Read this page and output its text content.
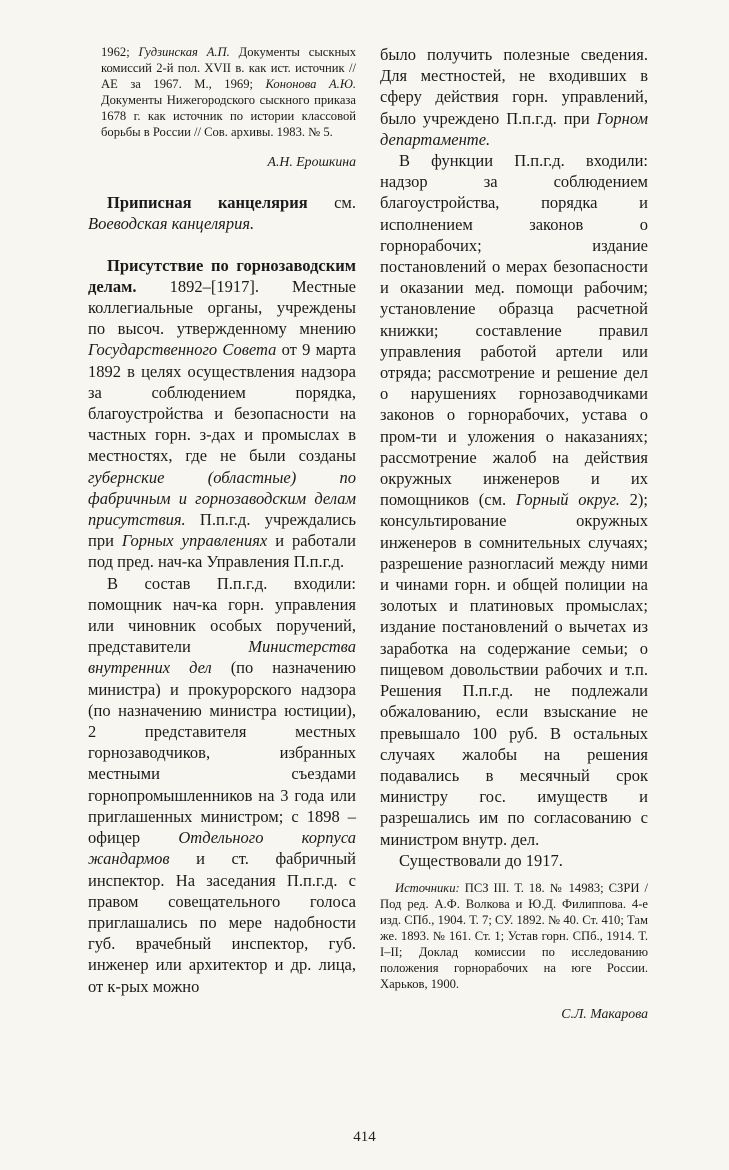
1962; Гудзинская А.П. Документы сыскных комиссий 2-й пол. XVII в. как ист. источник // АЕ за 1967. М., 1969; Кононова А.Ю. Документы Нижегородского сыскного приказа 1678 г. как источник по истории классовой борьбы в России // Сов. архивы. 1983. № 5.

А.Н. Ерошкина

Приписная канцелярия см. Воеводская канцелярия.

Присутствие по горнозаводским делам. 1892–[1917]. Местные коллегиальные органы, учреждены по высоч. утвержденному мнению Государственного Совета от 9 марта 1892 в целях осуществления надзора за соблюдением порядка, благоустройства и безопасности на частных горн. з-дах и промыслах в местностях, где не были созданы губернские (областные) по фабричным и горнозаводским делам присутствия. П.п.г.д. учреждались при Горных управлениях и работали под пред. нач-ка Управления П.п.г.д.

В состав П.п.г.д. входили: помощник нач-ка горн. управления или чиновник особых поручений, представители Министерства внутренних дел (по назначению министра) и прокурорского надзора (по назначению министра юстиции), 2 представителя местных горнозаводчиков, избранных местными съездами горнопромышленников на 3 года или приглашенных министром; с 1898 – офицер Отдельного корпуса жандармов и ст. фабричный инспектор. На заседания П.п.г.д. с правом совещательного голоса приглашались по мере надобности губ. врачебный инспектор, губ. инженер или архитектор и др. лица, от к-рых можно

было получить полезные сведения. Для местностей, не входивших в сферу действия горн. управлений, было учреждено П.п.г.д. при Горном департаменте.

В функции П.п.г.д. входили: надзор за соблюдением благоустройства, порядка и исполнением законов о горнорабочих; издание постановлений о мерах безопасности и оказании мед. помощи рабочим; установление образца расчетной книжки; составление правил управления работой артели или отряда; рассмотрение и решение дел о нарушениях горнозаводчиками законов о горнорабочих, устава о пром-ти и уложения о наказаниях; рассмотрение жалоб на действия окружных инженеров и их помощников (см. Горный округ. 2); консультирование окружных инженеров в сомнительных случаях; разрешение разногласий между ними и чинами горн. и общей полиции на золотых и платиновых промыслах; издание постановлений о вычетах из заработка на содержание семьи; о пищевом довольствии рабочих и т.п. Решения П.п.г.д. не подлежали обжалованию, если взыскание не превышало 100 руб. В остальных случаях жалобы на решения подавались в месячный срок министру гос. имуществ и разрешались им по согласованию с министром внутр. дел.

Существовали до 1917.

Источники: ПСЗ III. Т. 18. № 14983; СЗРИ / Под ред. А.Ф. Волкова и Ю.Д. Филиппова. 4-е изд. СПб., 1904. Т. 7; СУ. 1892. № 40. Ст. 410; Там же. 1893. № 161. Ст. 1; Устав горн. СПб., 1914. Т. I–II; Доклад комиссии по исследованию положения горнорабочих на юге России. Харьков, 1900.

С.Л. Макарова

414
